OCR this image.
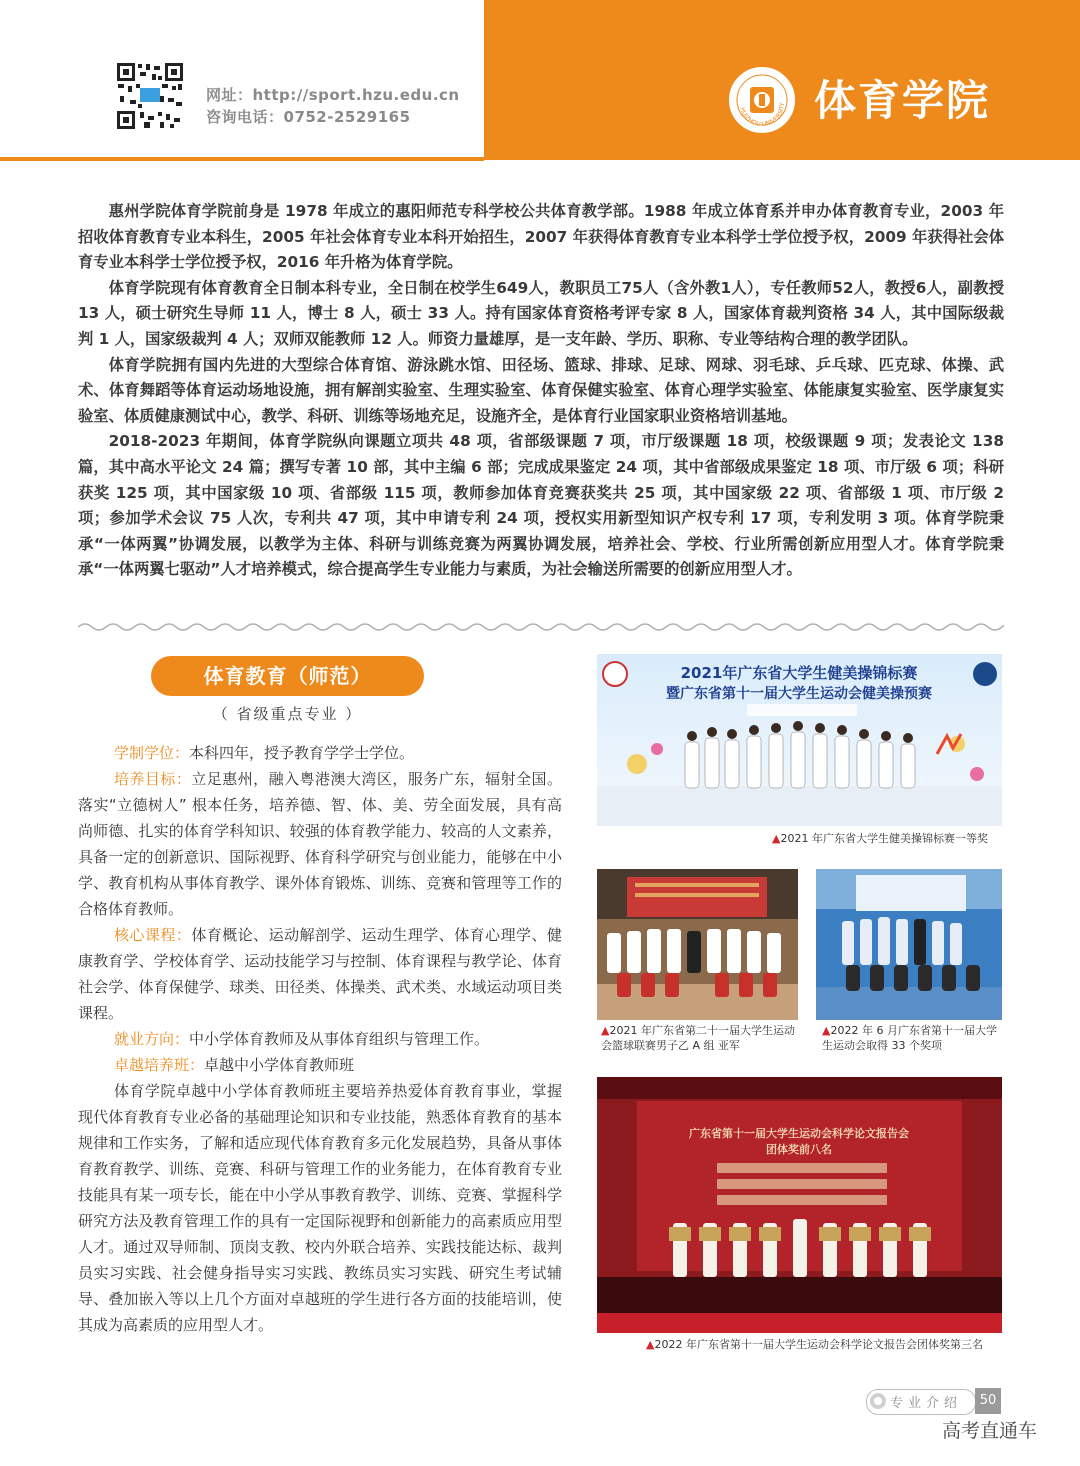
网址：http://sport.hzu.edu.cn
咨询电话：0752-2529165	HUIZHOU UNIVERSITY 体育学院

惠州学院体育学院前身是 1978 年成立的惠阳师范专科学校公共体育教学部。1988 年成立体育系并申办体育教育专业，2003 年招收体育教育专业本科生，2005 年社会体育专业本科开始招生，2007 年获得体育教育专业本科学士学位授予权，2009 年获得社会体育专业本科学士学位授予权，2016 年升格为体育学院。

体育学院现有体育教育全日制本科专业，全日制在校学生649人，教职员工75人（含外教1人），专任教师52人，教授6人，副教授 13 人，硕士研究生导师 11 人，博士 8 人，硕士 33 人。持有国家体育资格考评专家 8 人，国家体育裁判资格 34 人，其中国际级裁判 1 人，国家级裁判 4 人；双师双能教师 12 人。师资力量雄厚，是一支年龄、学历、职称、专业等结构合理的教学团队。

体育学院拥有国内先进的大型综合体育馆、游泳跳水馆、田径场、篮球、排球、足球、网球、羽毛球、乒乓球、匹克球、体操、武术、体育舞蹈等体育运动场地设施，拥有解剖实验室、生理实验室、体育保健实验室、体育心理学实验室、体能康复实验室、医学康复实验室、体质健康测试中心，教学、科研、训练等场地充足，设施齐全，是体育行业国家职业资格培训基地。

2018-2023 年期间，体育学院纵向课题立项共 48 项，省部级课题 7 项，市厅级课题 18 项，校级课题 9 项；发表论文 138 篇，其中高水平论文 24 篇；撰写专著 10 部，其中主编 6 部；完成成果鉴定 24 项，其中省部级成果鉴定 18 项、市厅级 6 项；科研获奖 125 项，其中国家级 10 项、省部级 115 项，教师参加体育竞赛获奖共 25 项，其中国家级 22 项、省部级 1 项、市厅级 2 项；参加学术会议 75 人次，专利共 47 项，其中申请专利 24 项，授权实用新型知识产权专利 17 项，专利发明 3 项。体育学院秉承“一体两翼”协调发展，以教学为主体、科研与训练竞赛为两翼协调发展，培养社会、学校、行业所需创新应用型人才。体育学院秉承“一体两翼七驱动”人才培养模式，综合提高学生专业能力与素质，为社会输送所需要的创新应用型人才。

体育教育（师范）
（ 省级重点专业 ）

学制学位：本科四年，授予教育学学士学位。

培养目标：立足惠州，融入粤港澳大湾区，服务广东，辐射全国。落实“立德树人” 根本任务，培养德、智、体、美、劳全面发展，具有高尚师德、扎实的体育学科知识、较强的体育教学能力、较高的人文素养，具备一定的创新意识、国际视野、体育科学研究与创业能力，能够在中小学、教育机构从事体育教学、课外体育锻炼、训练、竞赛和管理等工作的合格体育教师。

核心课程：体育概论、运动解剖学、运动生理学、体育心理学、健康教育学、学校体育学、运动技能学习与控制、体育课程与教学论、体育社会学、体育保健学、球类、田径类、体操类、武术类、水域运动项目类课程。

就业方向：中小学体育教师及从事体育组织与管理工作。

卓越培养班：卓越中小学体育教师班

体育学院卓越中小学体育教师班主要培养热爱体育教育事业，掌握现代体育教育专业必备的基础理论知识和专业技能，熟悉体育教育的基本规律和工作实务，了解和适应现代体育教育多元化发展趋势，具备从事体育教育教学、训练、竞赛、科研与管理工作的业务能力，在体育教育专业技能具有某一项专长，能在中小学从事教育教学、训练、竞赛、掌握科学研究方法及教育管理工作的具有一定国际视野和创新能力的高素质应用型人才。通过双导师制、顶岗支教、校内外联合培养、实践技能达标、裁判员实习实践、社会健身指导实习实践、教练员实习实践、研究生考试辅导、叠加嵌入等以上几个方面对卓越班的学生进行各方面的技能培训，使其成为高素质的应用型人才。

2021年广东省大学生健美操锦标赛
暨广东省第十一届大学生运动会健美操预赛
▲2021 年广东省大学生健美操锦标赛一等奖
▲2021 年广东省第二十一届大学生运动会篮球联赛男子乙 A 组 亚军
▲2022 年 6 月广东省第十一届大学生运动会取得 33 个奖项
广东省第十一届大学生运动会科学论文报告会
团体奖前八名
▲2022 年广东省第十一届大学生运动会科学论文报告会团体奖第三名
专业介绍	50
高考直通车
